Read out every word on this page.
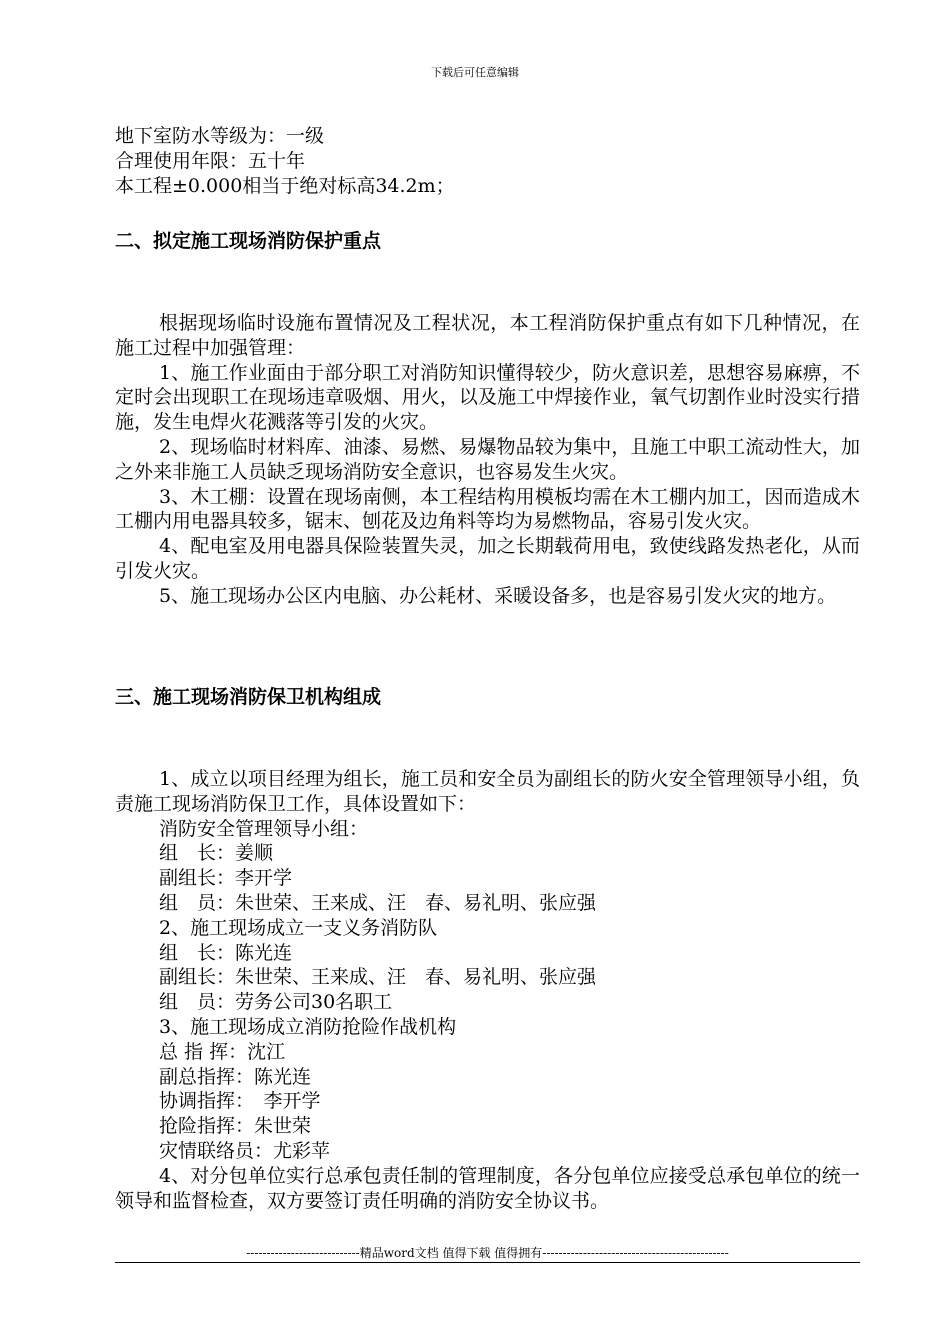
下载后可任意编辑
地下室防水等级为：一级
合理使用年限：五十年
本工程±0.000相当于绝对标高34.2m；
二、拟定施工现场消防保护重点
根据现场临时设施布置情况及工程状况，本工程消防保护重点有如下几种情况，在施工过程中加强管理：
1、施工作业面由于部分职工对消防知识懂得较少，防火意识差，思想容易麻痹，不定时会出现职工在现场违章吸烟、用火，以及施工中焊接作业，氧气切割作业时没实行措施，发生电焊火花溅落等引发的火灾。
2、现场临时材料库、油漆、易燃、易爆物品较为集中，且施工中职工流动性大，加之外来非施工人员缺乏现场消防安全意识，也容易发生火灾。
3、木工棚：设置在现场南侧，本工程结构用模板均需在木工棚内加工，因而造成木工棚内用电器具较多，锯末、刨花及边角料等均为易燃物品，容易引发火灾。
4、配电室及用电器具保险装置失灵，加之长期载荷用电，致使线路发热老化，从而引发火灾。
5、施工现场办公区内电脑、办公耗材、采暖设备多，也是容易引发火灾的地方。
三、施工现场消防保卫机构组成
1、成立以项目经理为组长，施工员和安全员为副组长的防火安全管理领导小组，负责施工现场消防保卫工作，具体设置如下：
消防安全管理领导小组：
组　长：姜顺
副组长：李开学
组　员：朱世荣、王来成、汪　春、易礼明、张应强
2、施工现场成立一支义务消防队
组　长：陈光连
副组长：朱世荣、王来成、汪　春、易礼明、张应强
组　员：劳务公司30名职工
3、施工现场成立消防抢险作战机构
总 指 挥：沈江
副总指挥：陈光连
协调指挥：　李开学
抢险指挥：朱世荣
灾情联络员：尤彩苹
4、对分包单位实行总承包责任制的管理制度，各分包单位应接受总承包单位的统一领导和监督检查，双方要签订责任明确的消防安全协议书。
----------------------------精品word文档 值得下载 值得拥有----------------------------------------------
